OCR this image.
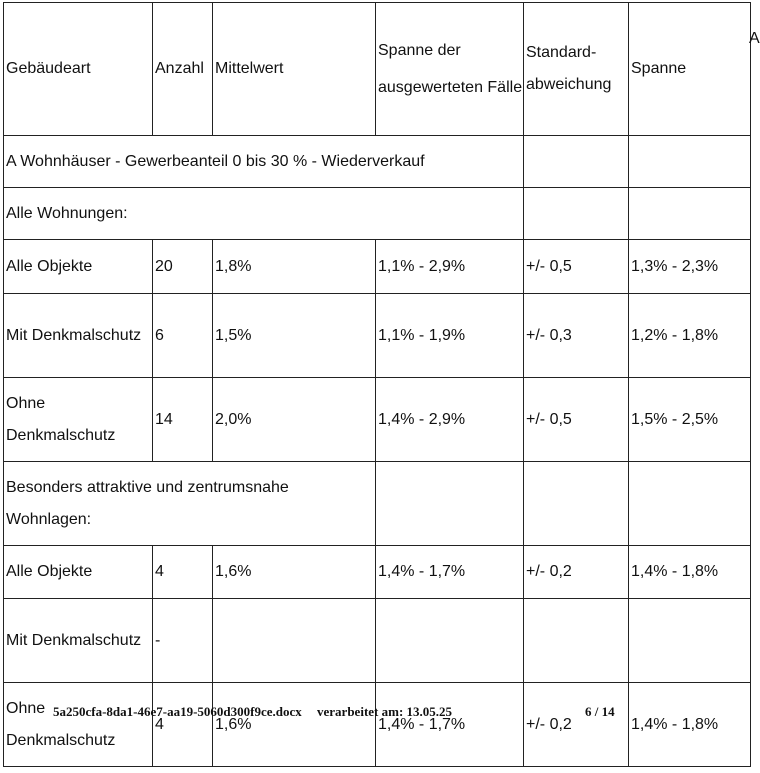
Gebäudeart	Anzahl	Mittelwert	Spanne der ausgewerteten Fälle	Standard- abweichung	Spanne
A Wohnhäuser - Gewerbeanteil 0 bis 30 % - Wiederverkauf					
Alle Wohnungen:					
Alle Objekte	20	1,8%	1,1% - 2,9%	+/- 0,5	1,3% - 2,3%
Mit Denkmalschutz	6	1,5%	1,1% - 1,9%	+/- 0,3	1,2% - 1,8%
Ohne Denkmalschutz	14	2,0%	1,4% - 2,9%	+/- 0,5	1,5% - 2,5%
Besonders attraktive und zentrumsnahe Wohnlagen:					
Alle Objekte	4	1,6%	1,4% - 1,7%	+/- 0,2	1,4% - 1,8%
Mit Denkmalschutz	-				
Ohne Denkmalschutz	4	1,6%	1,4% - 1,7%	+/- 0,2	1,4% - 1,8%
A
5a250cfa-8da1-46e7-aa19-5060d300f9ce.docx verarbeitet am: 13.05.25	6 / 14
